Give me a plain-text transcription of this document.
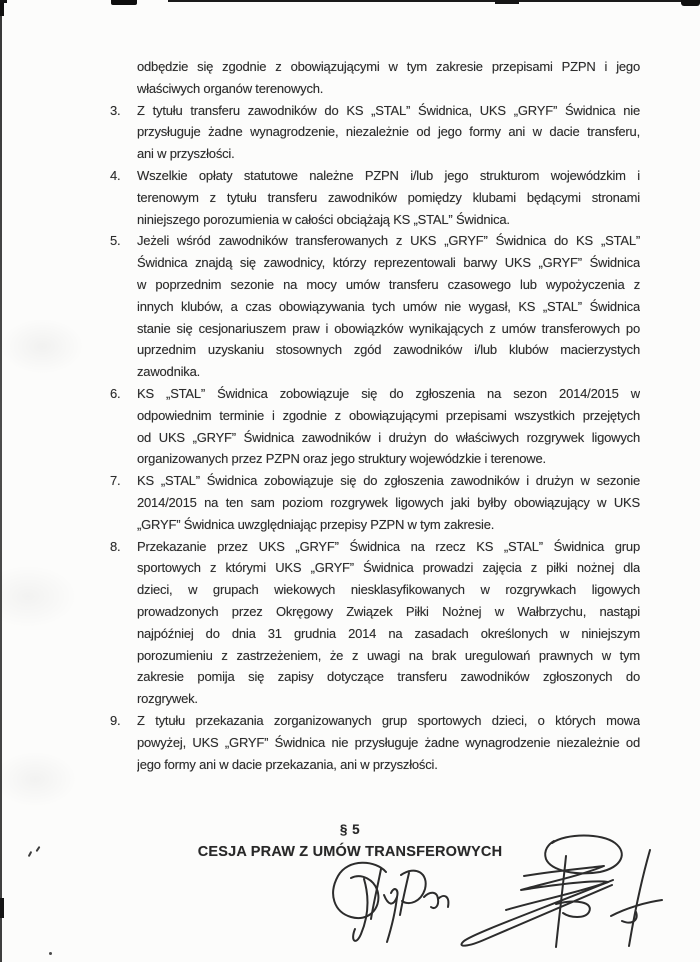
odbędzie się zgodnie z obowiązującymi w tym zakresie przepisami PZPN i jego
właściwych organów terenowych.
3.	Z tytułu transferu zawodników do KS „STAL” Świdnica, UKS „GRYF” Świdnica nie
przysługuje żadne wynagrodzenie, niezależnie od jego formy ani w dacie transferu,
ani w przyszłości.
4.	Wszelkie opłaty statutowe należne PZPN i/lub jego strukturom wojewódzkim i
terenowym z tytułu transferu zawodników pomiędzy klubami będącymi stronami
niniejszego porozumienia w całości obciążają KS „STAL” Świdnica.
5.	Jeżeli wśród zawodników transferowanych z UKS „GRYF” Świdnica do KS „STAL”
Świdnica znajdą się zawodnicy, którzy reprezentowali barwy UKS „GRYF” Świdnica
w poprzednim sezonie na mocy umów transferu czasowego lub wypożyczenia z
innych klubów, a czas obowiązywania tych umów nie wygasł, KS „STAL” Świdnica
stanie się cesjonariuszem praw i obowiązków wynikających z umów transferowych po
uprzednim uzyskaniu stosownych zgód zawodników i/lub klubów macierzystych
zawodnika.
6.	KS „STAL” Świdnica zobowiązuje się do zgłoszenia na sezon 2014/2015 w
odpowiednim terminie i zgodnie z obowiązującymi przepisami wszystkich przejętych
od UKS „GRYF” Świdnica zawodników i drużyn do właściwych rozgrywek ligowych
organizowanych przez PZPN oraz jego struktury wojewódzkie i terenowe.
7.	KS „STAL” Świdnica zobowiązuje się do zgłoszenia zawodników i drużyn w sezonie
2014/2015 na ten sam poziom rozgrywek ligowych jaki byłby obowiązujący w UKS
„GRYF” Świdnica uwzględniając przepisy PZPN w tym zakresie.
8.	Przekazanie przez UKS „GRYF” Świdnica na rzecz KS „STAL” Świdnica grup
sportowych z którymi UKS „GRYF” Świdnica prowadzi zajęcia z piłki nożnej dla
dzieci, w grupach wiekowych niesklasyfikowanych w rozgrywkach ligowych
prowadzonych przez Okręgowy Związek Piłki Nożnej w Wałbrzychu, nastąpi
najpóźniej do dnia 31 grudnia 2014 na zasadach określonych w niniejszym
porozumieniu z zastrzeżeniem, że z uwagi na brak uregulowań prawnych w tym
zakresie pomija się zapisy dotyczące transferu zawodników zgłoszonych do
rozgrywek.
9.	Z tytułu przekazania zorganizowanych grup sportowych dzieci, o których mowa
powyżej, UKS „GRYF” Świdnica nie przysługuje żadne wynagrodzenie niezależnie od
jego formy ani w dacie przekazania, ani w przyszłości.
§ 5
CESJA PRAW Z UMÓW TRANSFEROWYCH
